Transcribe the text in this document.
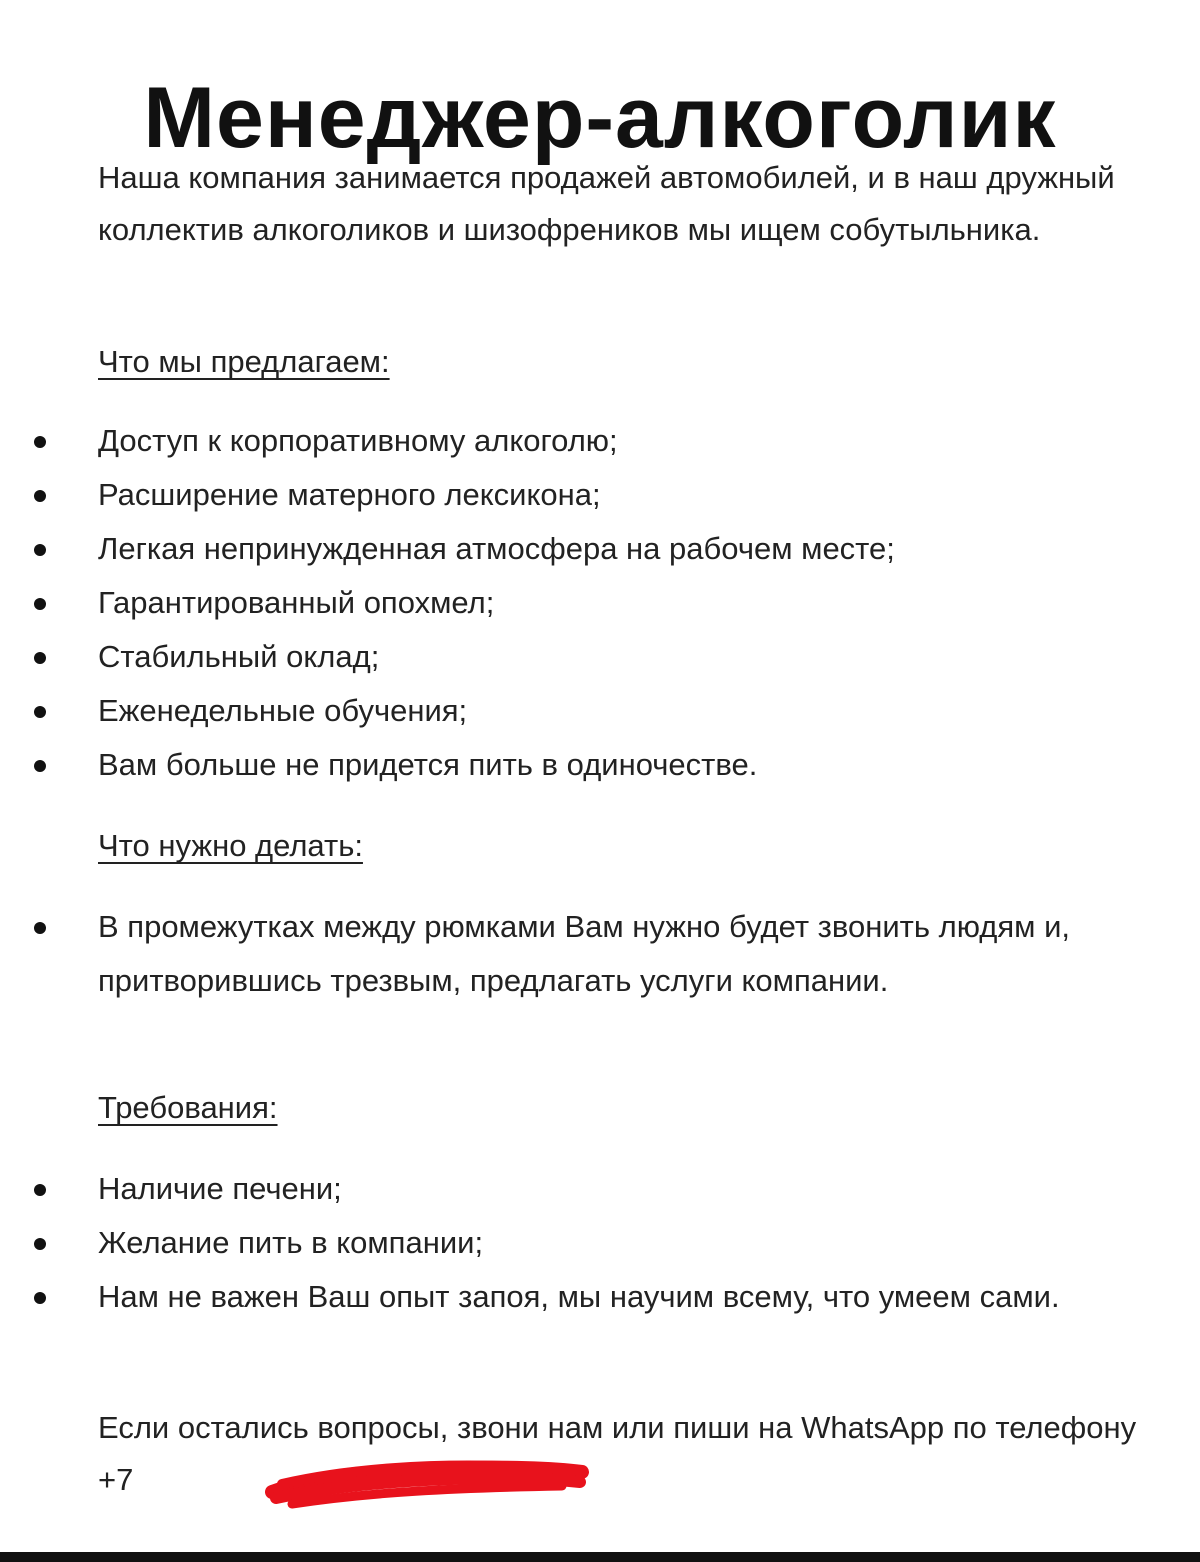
Менеджер-алкоголик

Наша компания занимается продажей автомобилей, и в наш дружный коллектив алкоголиков и шизофреников мы ищем собутыльника.

Что мы предлагаем:

Доступ к корпоративному алкоголю;
Расширение матерного лексикона;
Легкая непринужденная атмосфера на рабочем месте;
Гарантированный опохмел;
Стабильный оклад;
Еженедельные обучения;
Вам больше не придется пить в одиночестве.

Что нужно делать:

В промежутках между рюмками Вам нужно будет звонить людям и, притворившись трезвым, предлагать услуги компании.

Требования:

Наличие печени;
Желание пить в компании;
Нам не важен Ваш опыт запоя, мы научим всему, что умеем сами.

Если остались вопросы, звони нам или пиши на WhatsApp по телефону +7
